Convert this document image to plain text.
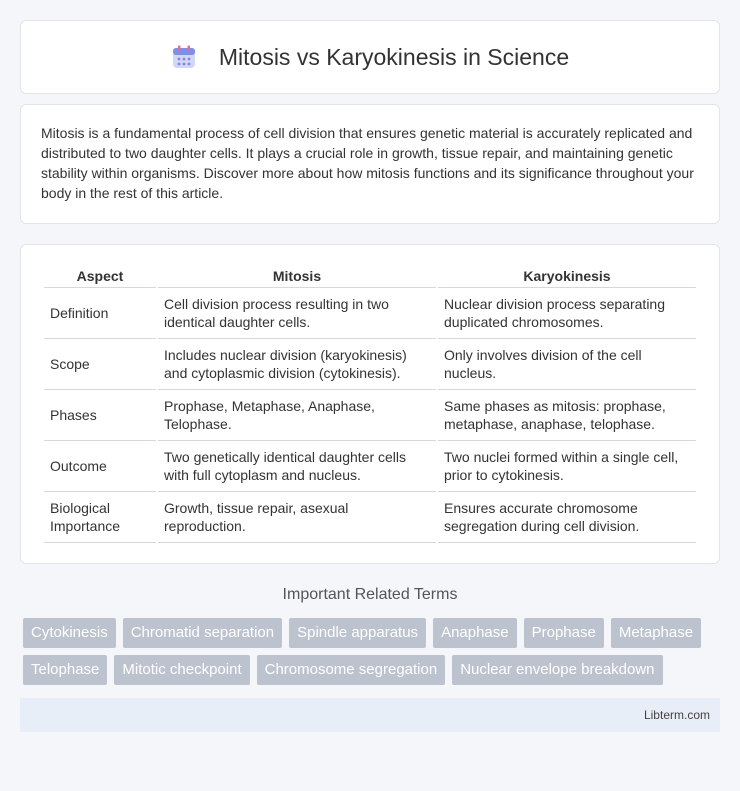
Mitosis vs Karyokinesis in Science

Mitosis is a fundamental process of cell division that ensures genetic material is accurately replicated and distributed to two daughter cells. It plays a crucial role in growth, tissue repair, and maintaining genetic stability within organisms. Discover more about how mitosis functions and its significance throughout your body in the rest of this article.

Aspect	Mitosis	Karyokinesis
Definition	Cell division process resulting in two identical daughter cells.	Nuclear division process separating duplicated chromosomes.
Scope	Includes nuclear division (karyokinesis) and cytoplasmic division (cytokinesis).	Only involves division of the cell nucleus.
Phases	Prophase, Metaphase, Anaphase, Telophase.	Same phases as mitosis: prophase, metaphase, anaphase, telophase.
Outcome	Two genetically identical daughter cells with full cytoplasm and nucleus.	Two nuclei formed within a single cell, prior to cytokinesis.
Biological Importance	Growth, tissue repair, asexual reproduction.	Ensures accurate chromosome segregation during cell division.
Important Related Terms
Cytokinesis	Chromatid separation	Spindle apparatus	Anaphase	Prophase	Metaphase
Telophase	Mitotic checkpoint	Chromosome segregation	Nuclear envelope breakdown
Libterm.com
